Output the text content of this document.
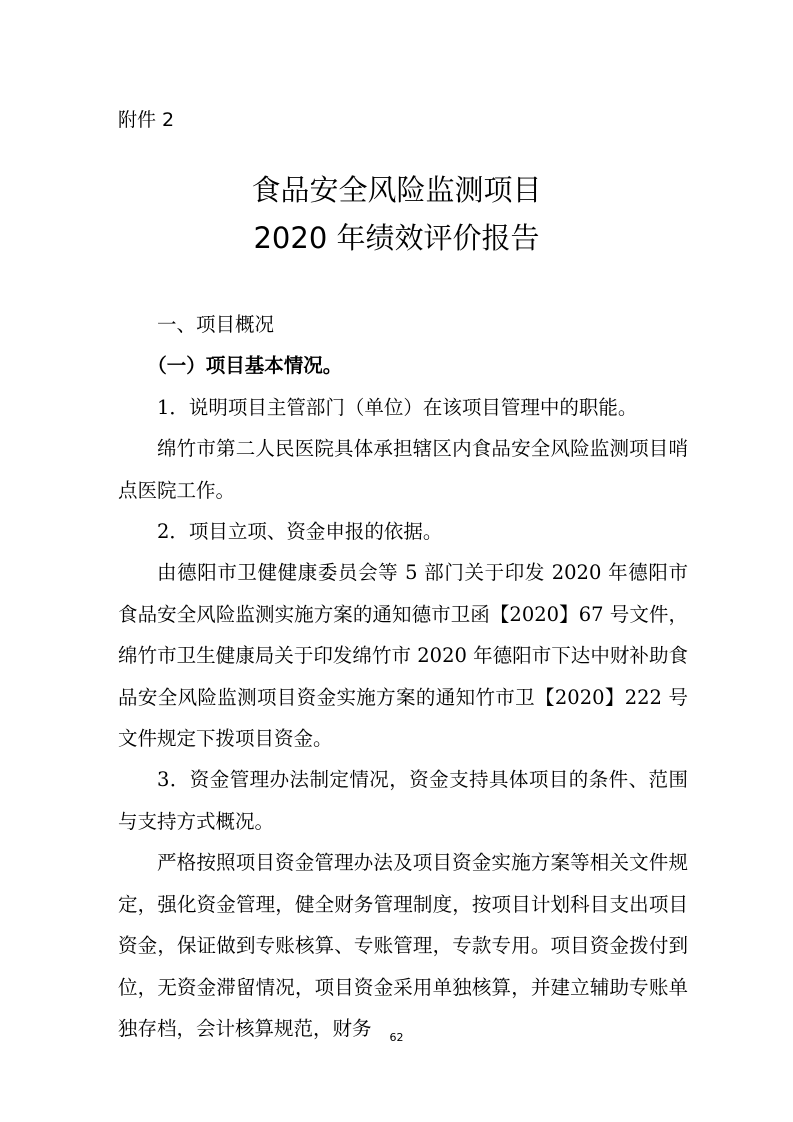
附件 2
食品安全风险监测项目
2020 年绩效评价报告

一、项目概况

（一）项目基本情况。

1．说明项目主管部门（单位）在该项目管理中的职能。

绵竹市第二人民医院具体承担辖区内食品安全风险监测项目哨点医院工作。

2．项目立项、资金申报的依据。

由德阳市卫健健康委员会等 5 部门关于印发 2020 年德阳市食品安全风险监测实施方案的通知德市卫函【2020】67 号文件，绵竹市卫生健康局关于印发绵竹市 2020 年德阳市下达中财补助食品安全风险监测项目资金实施方案的通知竹市卫【2020】222 号文件规定下拨项目资金。

3．资金管理办法制定情况，资金支持具体项目的条件、范围与支持方式概况。

严格按照项目资金管理办法及项目资金实施方案等相关文件规定，强化资金管理，健全财务管理制度，按项目计划科目支出项目资金，保证做到专账核算、专账管理，专款专用。项目资金拨付到位，无资金滞留情况，项目资金采用单独核算，并建立辅助专账单独存档，会计核算规范，财务	62
